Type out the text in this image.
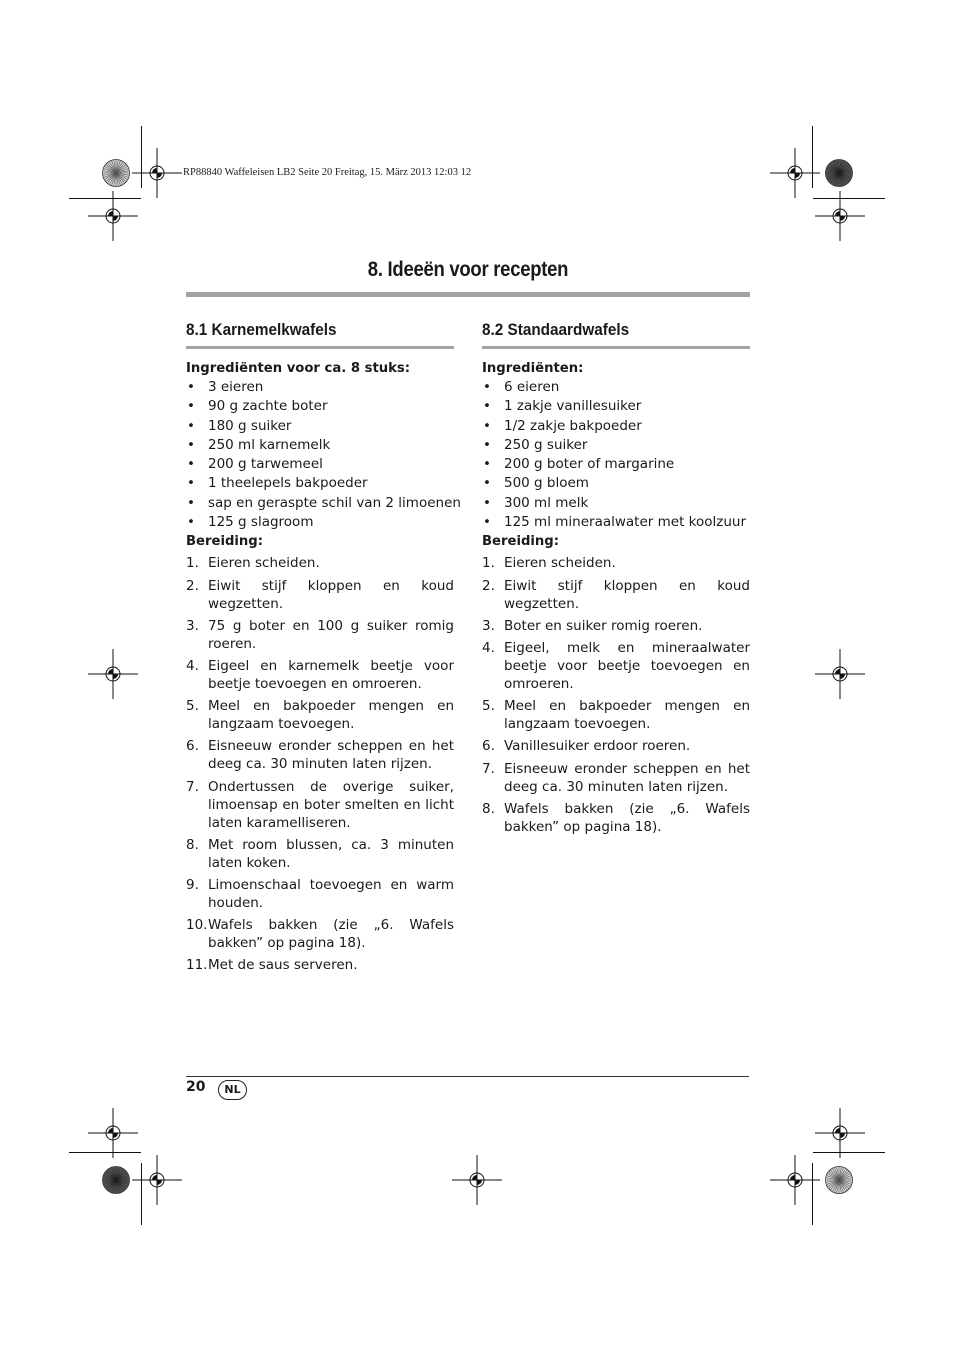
RP88840 Waffeleisen LB2 Seite 20 Freitag, 15. März 2013 12:03 12
8. Ideeën voor recepten
8.1 Karnemelkwafels
Ingrediënten voor ca. 8 stuks:
• 3 eieren
• 90 g zachte boter
• 180 g suiker
• 250 ml karnemelk
• 200 g tarwemeel
• 1 theelepels bakpoeder
• sap en geraspte schil van 2 limoenen
• 125 g slagroom
Bereiding:
1. Eieren scheiden.
2. Eiwit stijf kloppen en koud wegzetten.
3. 75 g boter en 100 g suiker romig roeren.
4. Eigeel en karnemelk beetje voor beetje toevoegen en omroeren.
5. Meel en bakpoeder mengen en langzaam toevoegen.
6. Eisneeuw eronder scheppen en het deeg ca. 30 minuten laten rijzen.
7. Ondertussen de overige suiker, limoensap en boter smelten en licht laten karamelliseren.
8. Met room blussen, ca. 3 minuten laten koken.
9. Limoenschaal toevoegen en warm houden.
10. Wafels bakken (zie „6. Wafels bakken” op pagina 18).
11. Met de saus serveren.
8.2 Standaardwafels
Ingrediënten:
• 6 eieren
• 1 zakje vanillesuiker
• 1/2 zakje bakpoeder
• 250 g suiker
• 200 g boter of margarine
• 500 g bloem
• 300 ml melk
• 125 ml mineraalwater met koolzuur
Bereiding:
1. Eieren scheiden.
2. Eiwit stijf kloppen en koud wegzetten.
3. Boter en suiker romig roeren.
4. Eigeel, melk en mineraalwater beetje voor beetje toevoegen en omroeren.
5. Meel en bakpoeder mengen en langzaam toevoegen.
6. Vanillesuiker erdoor roeren.
7. Eisneeuw eronder scheppen en het deeg ca. 30 minuten laten rijzen.
8. Wafels bakken (zie „6. Wafels bakken” op pagina 18).
20	NL
